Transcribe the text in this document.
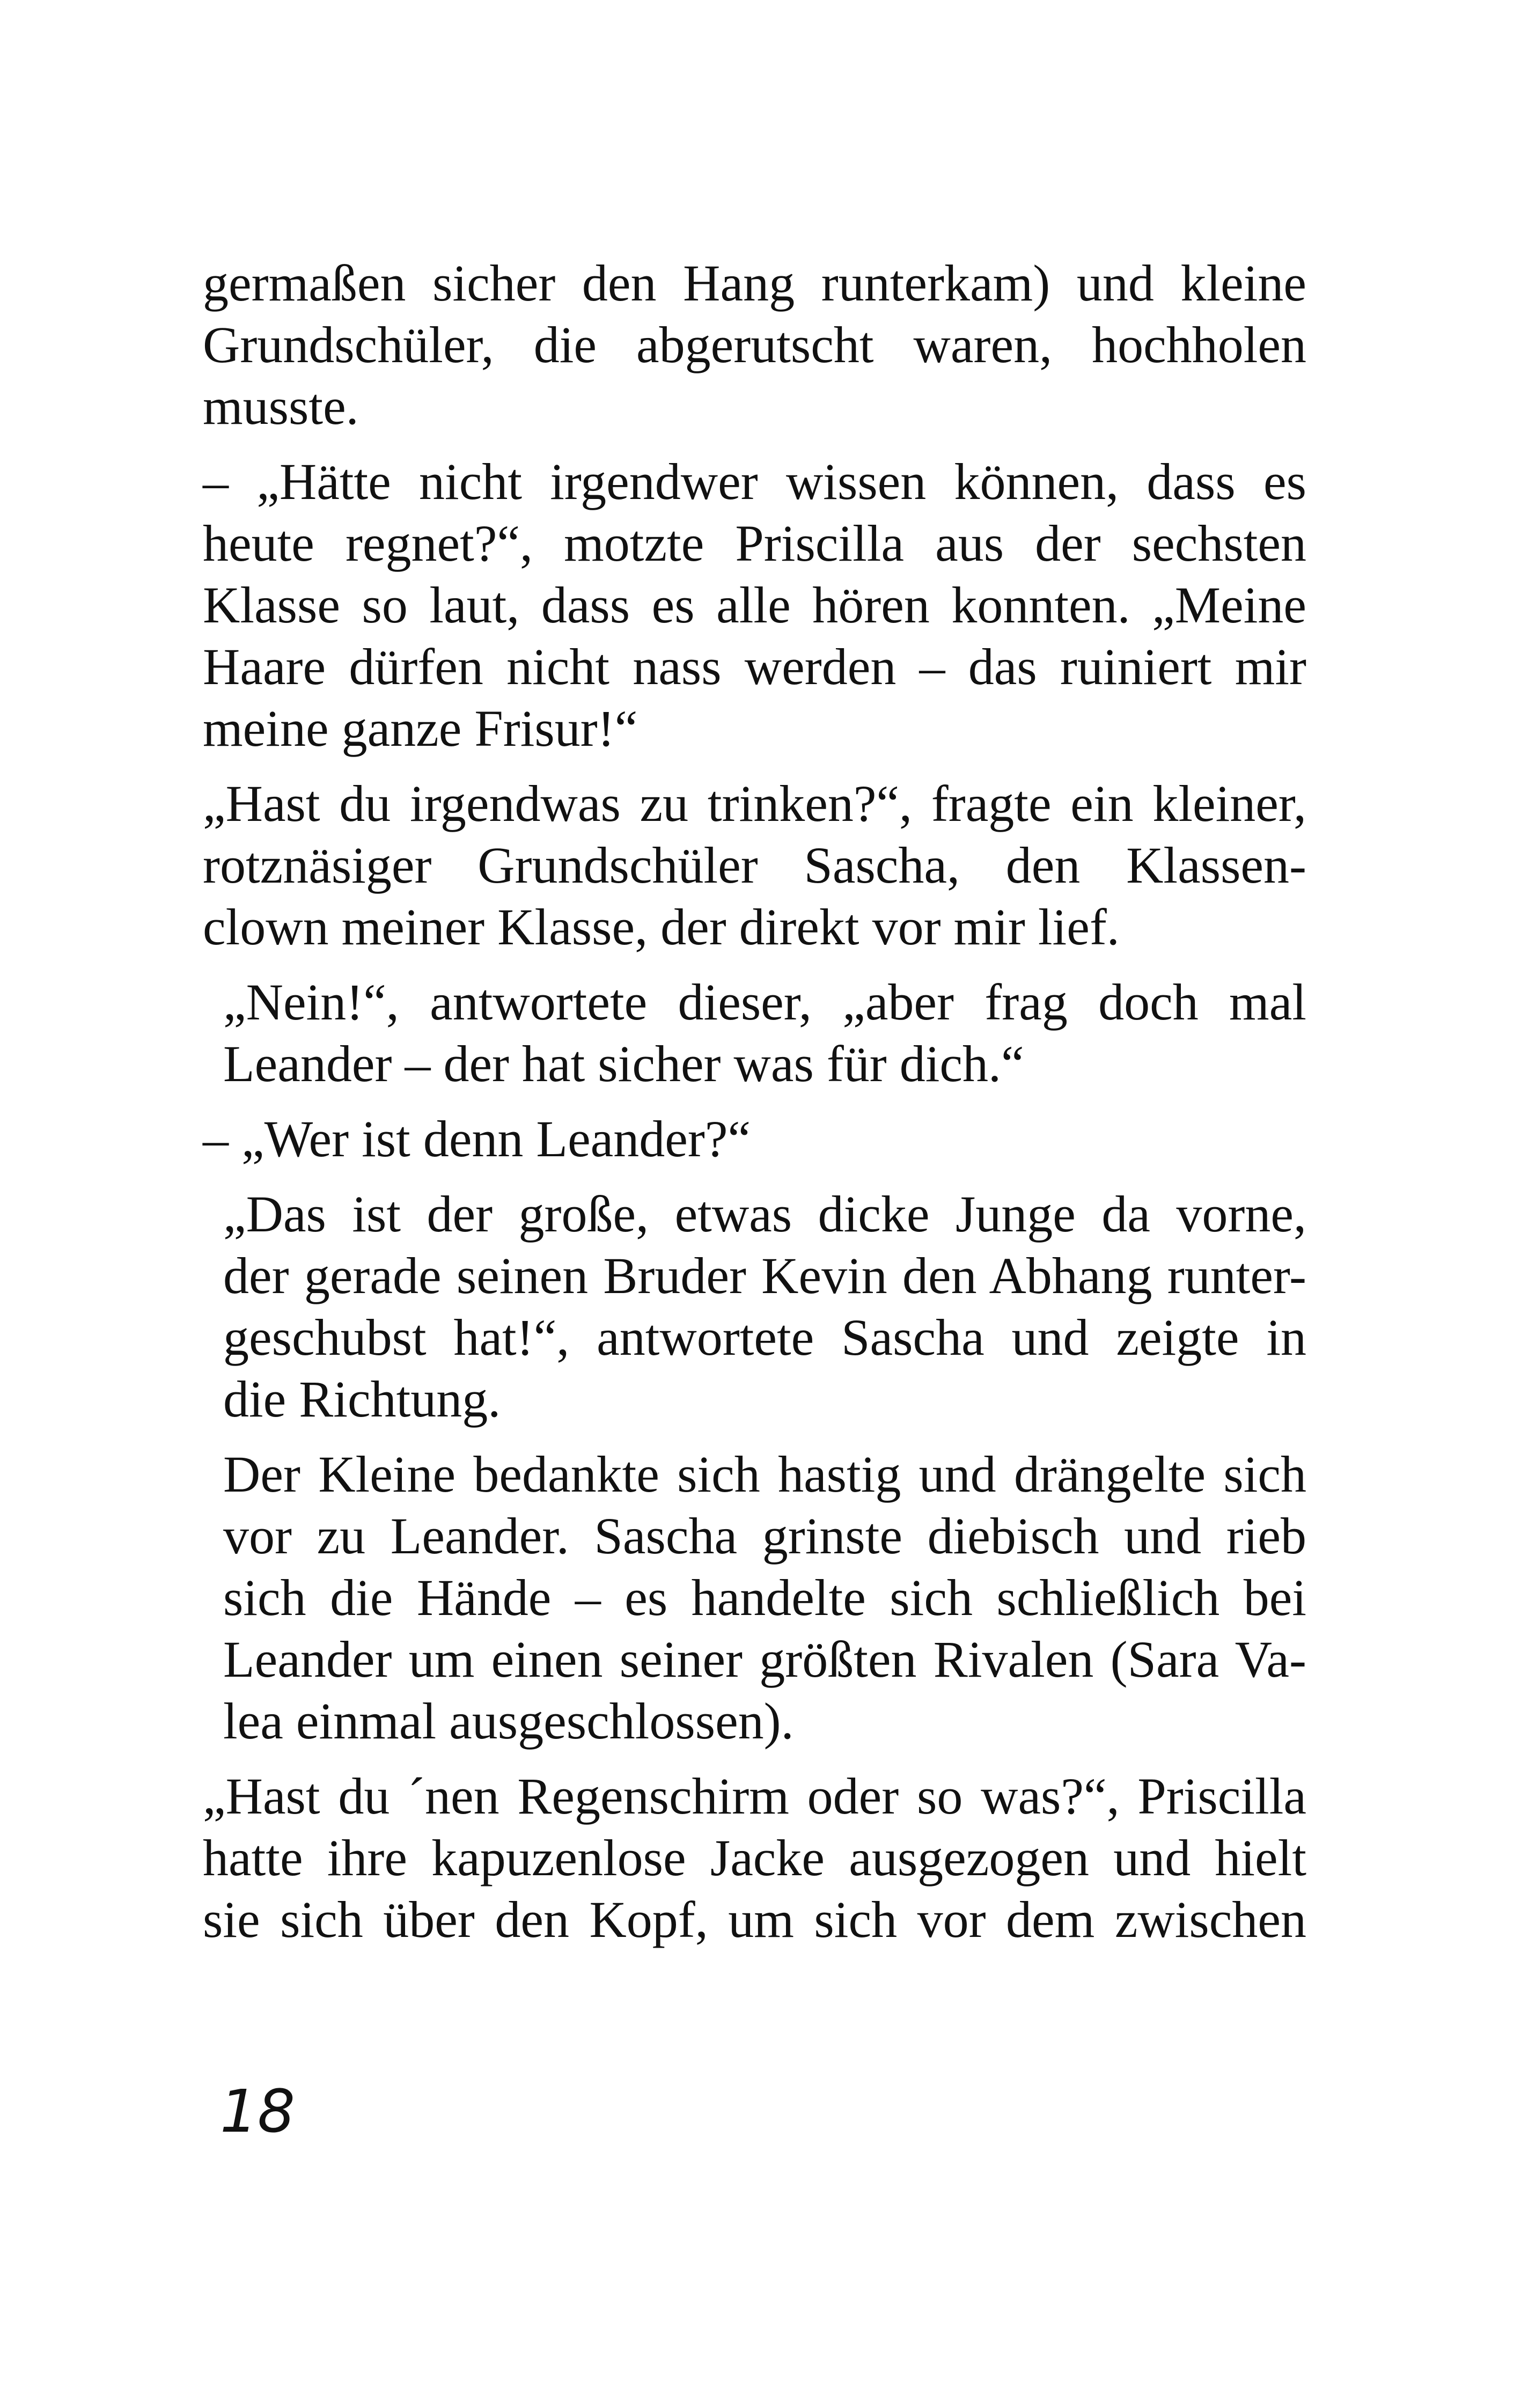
germaßen sicher den Hang runterkam) und kleine
Grundschüler, die abgerutscht waren, hochholen
musste.

– „Hätte nicht irgendwer wissen können, dass es
heute regnet?“, motzte Priscilla aus der sechsten
Klasse so laut, dass es alle hören konnten. „Meine
Haare dürfen nicht nass werden – das ruiniert mir
meine ganze Frisur!“

„Hast du irgendwas zu trinken?“, fragte ein kleiner,
rotznäsiger Grundschüler Sascha, den Klassen-
clown meiner Klasse, der direkt vor mir lief.

„Nein!“, antwortete dieser, „aber frag doch mal
Leander – der hat sicher was für dich.“

– „Wer ist denn Leander?“

„Das ist der große, etwas dicke Junge da vorne,
der gerade seinen Bruder Kevin den Abhang runter-
geschubst hat!“, antwortete Sascha und zeigte in
die Richtung.

Der Kleine bedankte sich hastig und drängelte sich
vor zu Leander. Sascha grinste diebisch und rieb
sich die Hände – es handelte sich schließlich bei
Leander um einen seiner größten Rivalen (Sara Va-
lea einmal ausgeschlossen).

„Hast du ´nen Regenschirm oder so was?“, Priscilla
hatte ihre kapuzenlose Jacke ausgezogen und hielt
sie sich über den Kopf, um sich vor dem zwischen

18
